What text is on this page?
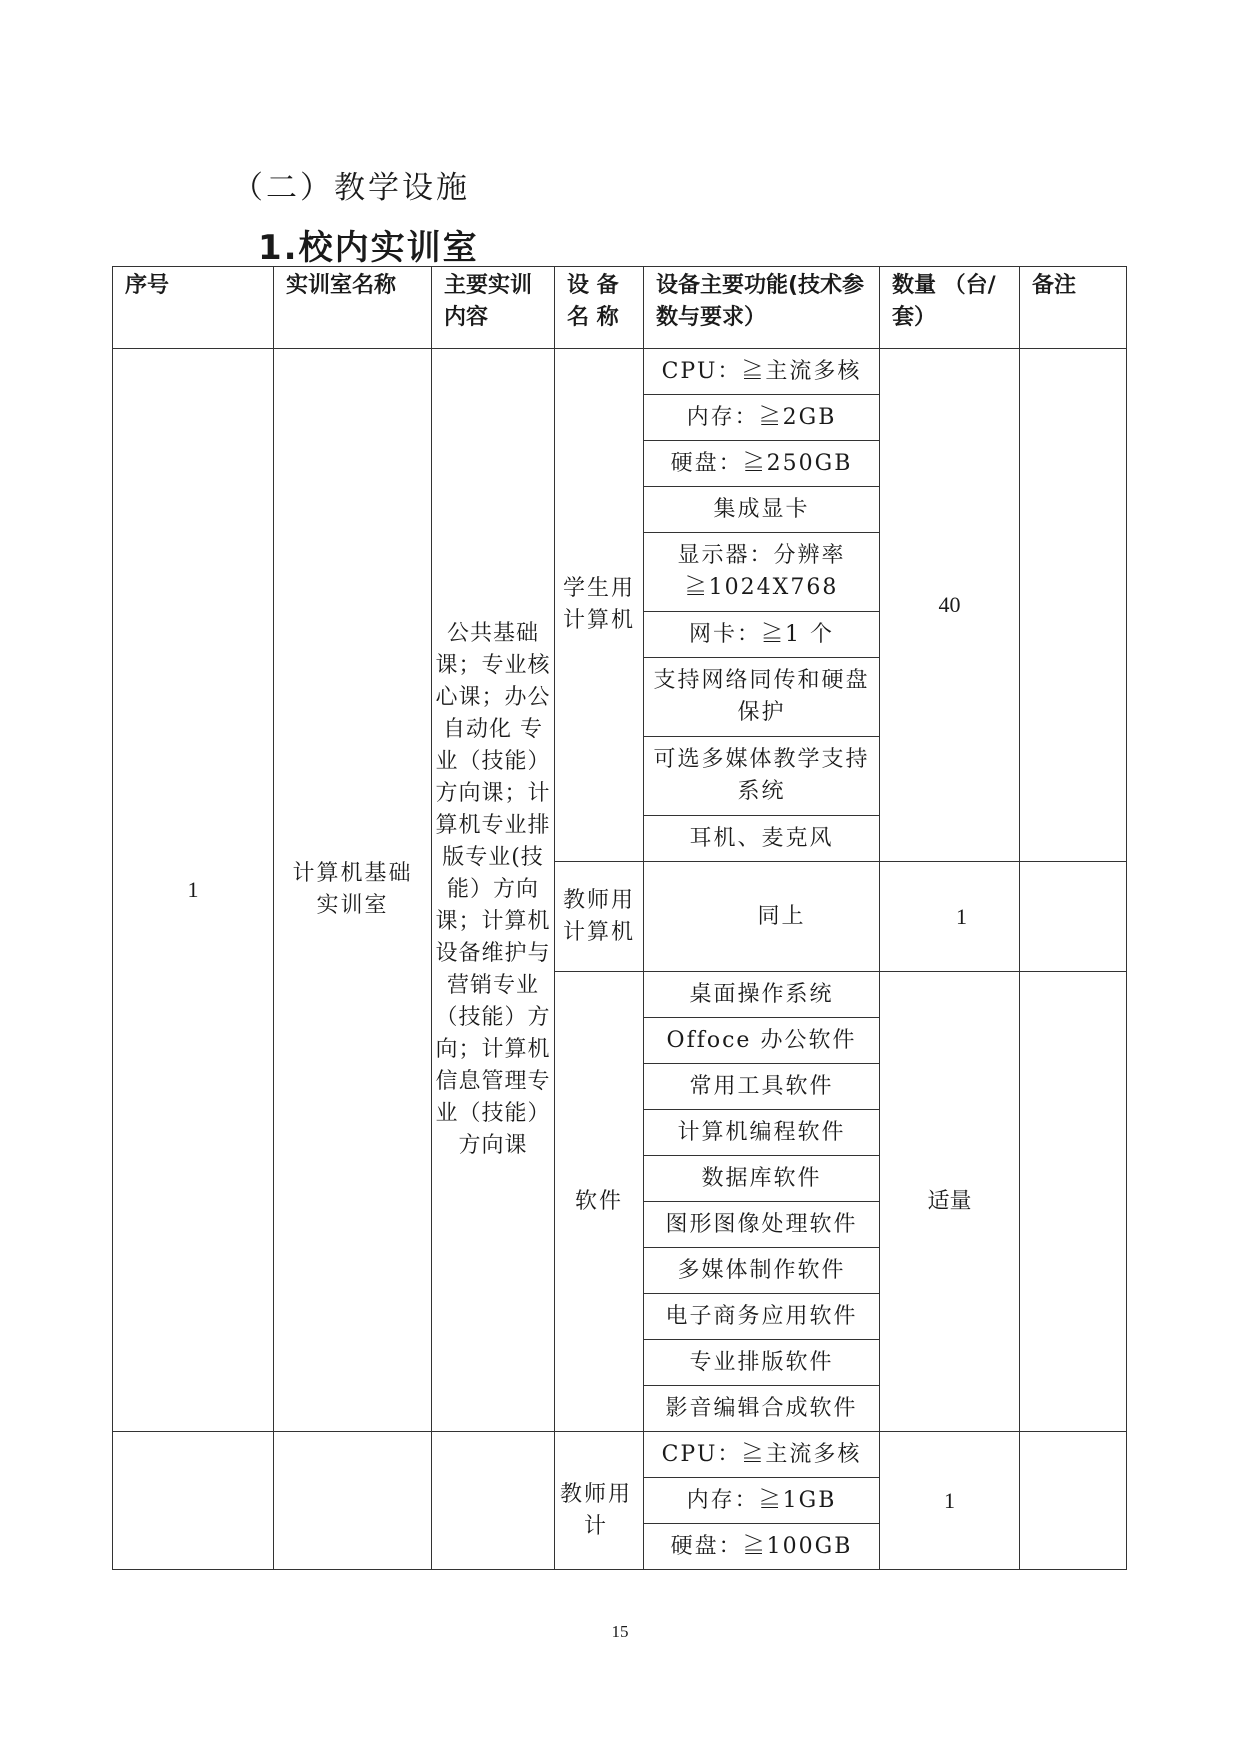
（二）教学设施
1.校内实训室
序号	实训室名称	主要实训内容	设 备 名 称	设备主要功能(技术参数与要求）	数量 （台/套）	备注
1	计算机基础实训室	公共基础课；专业核心课；办公自动化 专 业（技能）方向课；计算机专业排版专业(技能）方向课；计算机设备维护与营销专业（技能）方向；计算机信息管理专业（技能）方向课	学生用计算机	CPU：≧主流多核	40	
				内存：≧2GB		
				硬盘：≧250GB		
				集成显卡		
				显示器：分辨率≧1024X768		
				网卡：≧1 个		
				支持网络同传和硬盘保护		
				可选多媒体教学支持系统		
				耳机、麦克风		
			教师用计算机	同上	1	
			软件	桌面操作系统	适量	
				Offoce 办公软件		
				常用工具软件		
				计算机编程软件		
				数据库软件		
				图形图像处理软件		
				多媒体制作软件		
				电子商务应用软件		
				专业排版软件		
				影音编辑合成软件		
			教师用计	CPU：≧主流多核	1	
				内存：≧1GB		
				硬盘：≧100GB		
15
